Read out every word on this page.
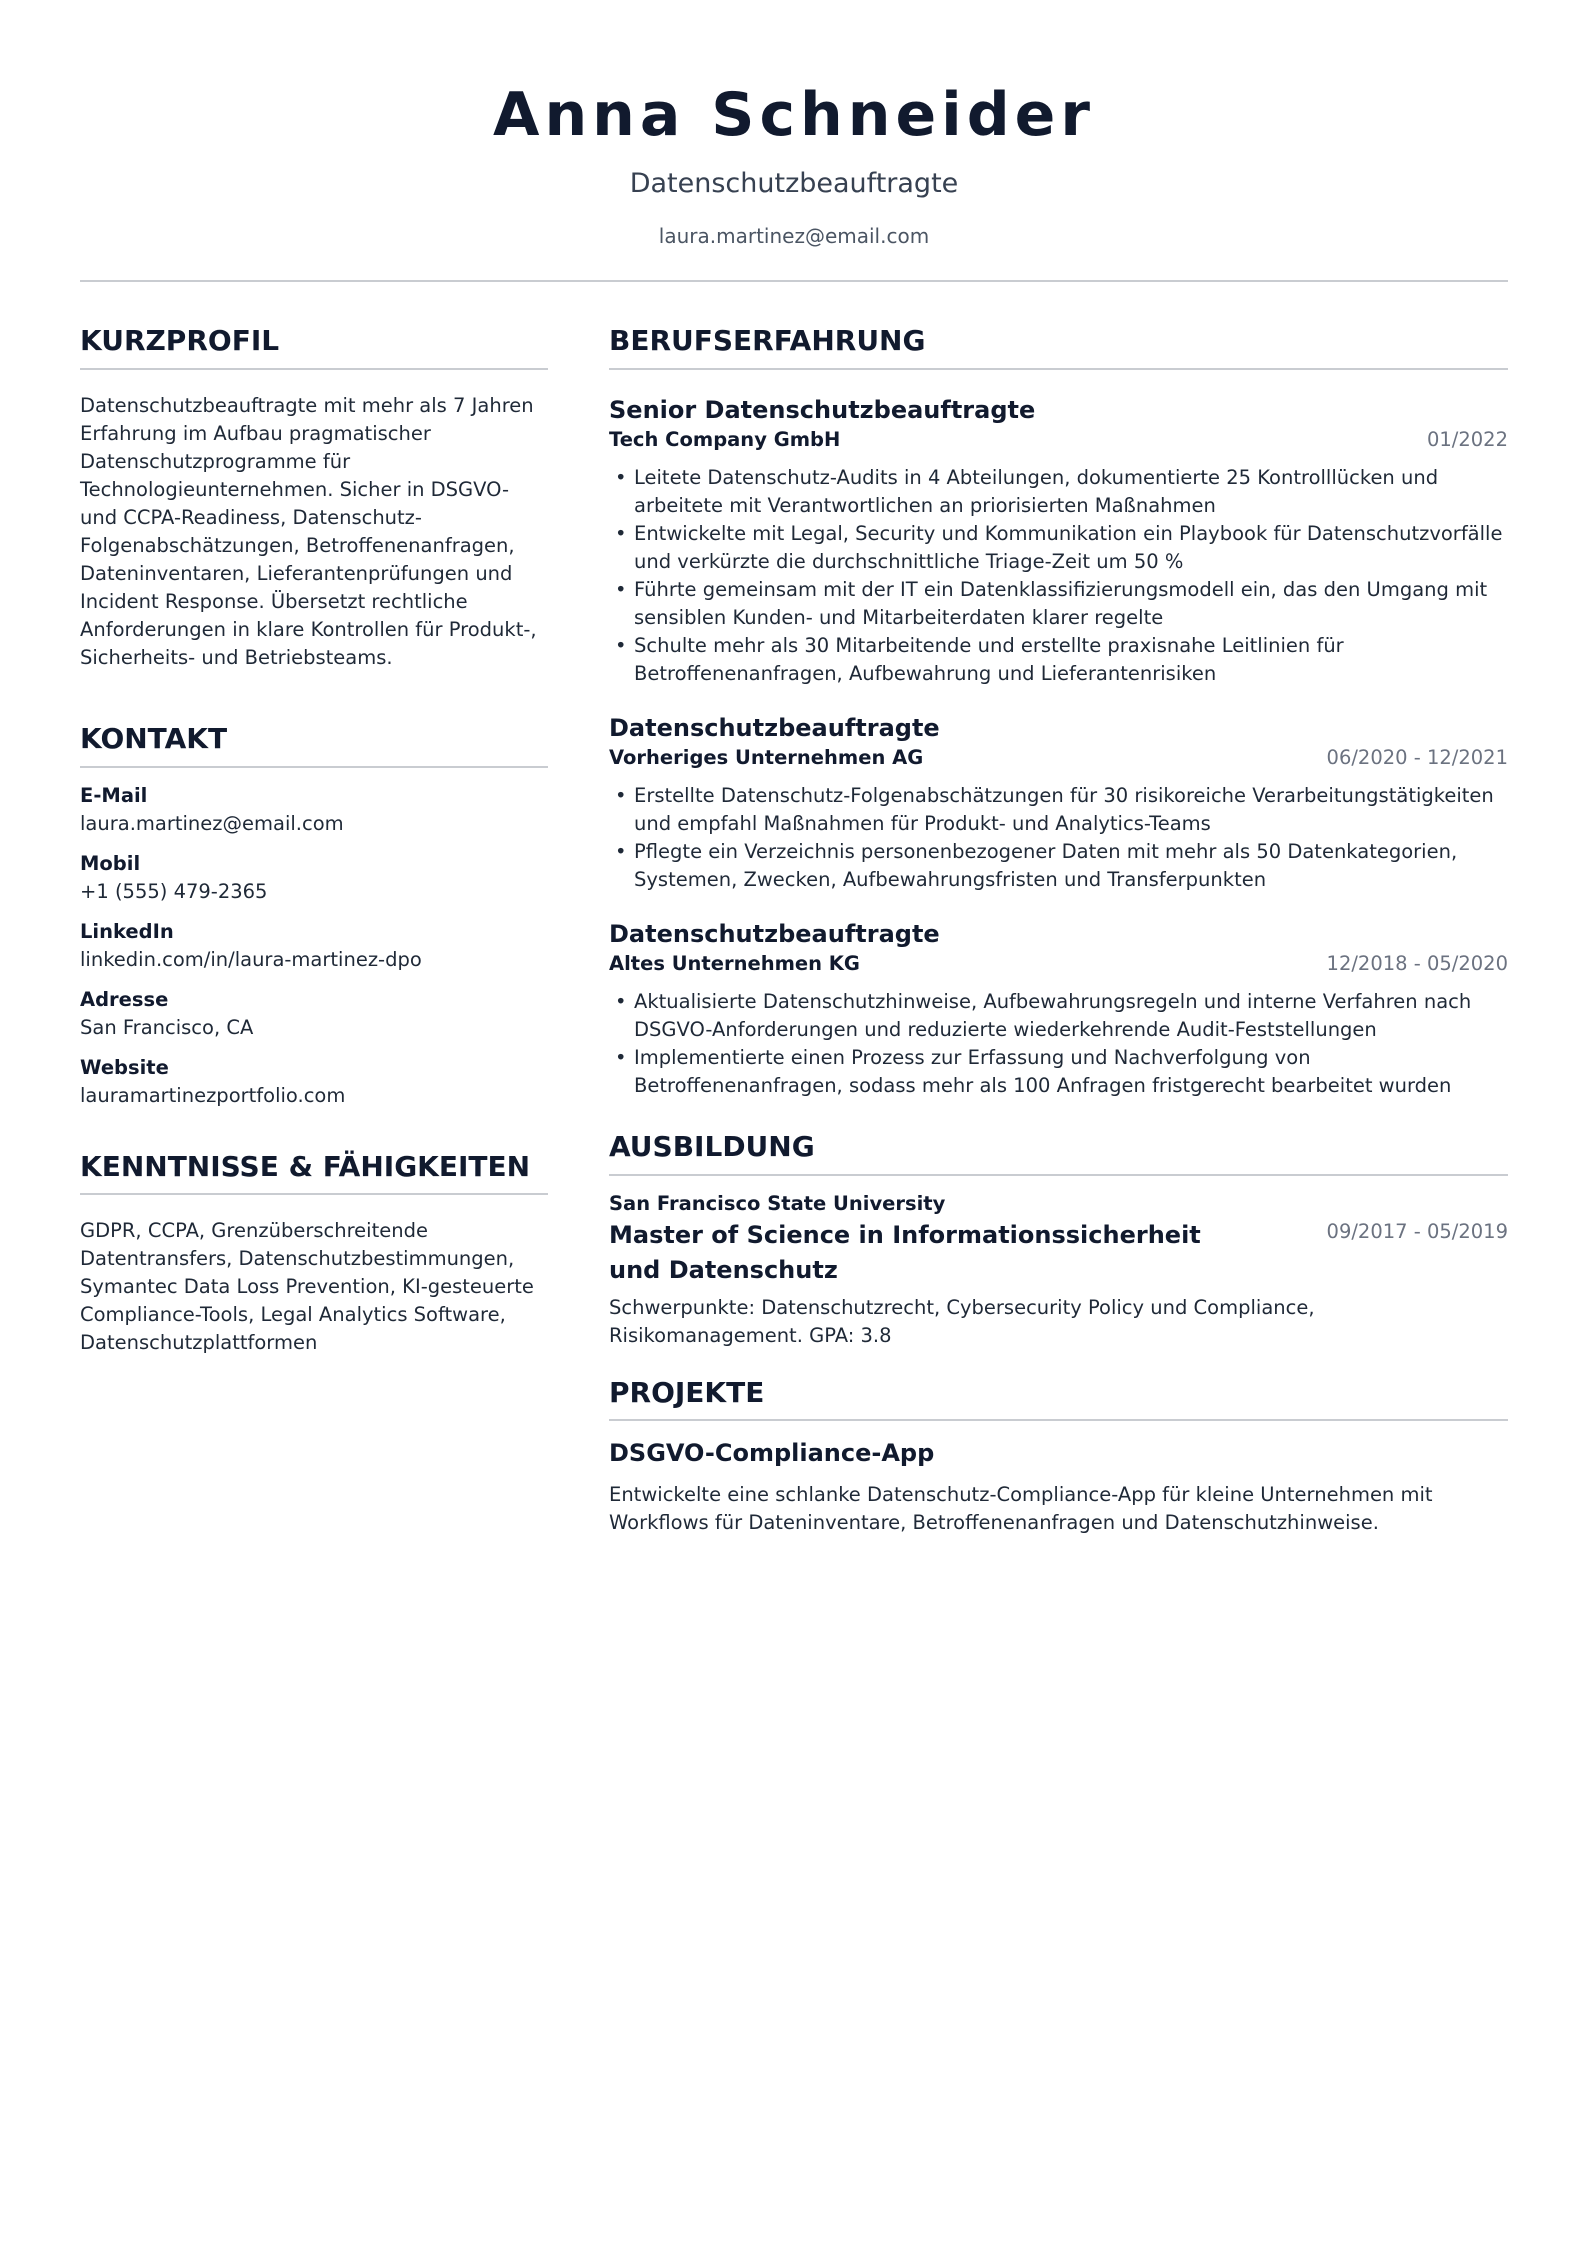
Anna Schneider
Datenschutzbeauftragte
laura.martinez@email.com
KURZPROFIL

Datenschutzbeauftragte mit mehr als 7 Jahren Erfahrung im Aufbau pragmatischer Datenschutzprogramme für Technologieunternehmen. Sicher in DSGVO- und CCPA-Readiness, Datenschutz-Folgenabschätzungen, Betroffenenanfragen, Dateninventaren, Lieferantenprüfungen und Incident Response. Übersetzt rechtliche Anforderungen in klare Kontrollen für Produkt-, Sicherheits- und Betriebsteams.

KONTAKT
E-Mail
laura.martinez@email.com
Mobil
+1 (555) 479-2365
LinkedIn
linkedin.com/in/laura-martinez-dpo
Adresse
San Francisco, CA
Website
lauramartinezportfolio.com
KENNTNISSE & FÄHIGKEITEN

GDPR, CCPA, Grenzüberschreitende Datentransfers, Datenschutzbestimmungen, Symantec Data Loss Prevention, KI-gesteuerte Compliance-Tools, Legal Analytics Software, Datenschutzplattformen

BERUFSERFAHRUNG
Senior Datenschutzbeauftragte
Tech Company GmbH	01/2022
• Leitete Datenschutz-Audits in 4 Abteilungen, dokumentierte 25 Kontrolllücken und arbeitete mit Verantwortlichen an priorisierten Maßnahmen
• Entwickelte mit Legal, Security und Kommunikation ein Playbook für Datenschutzvorfälle und verkürzte die durchschnittliche Triage-Zeit um 50 %
• Führte gemeinsam mit der IT ein Datenklassifizierungsmodell ein, das den Umgang mit sensiblen Kunden- und Mitarbeiterdaten klarer regelte
• Schulte mehr als 30 Mitarbeitende und erstellte praxisnahe Leitlinien für Betroffenenanfragen, Aufbewahrung und Lieferantenrisiken
Datenschutzbeauftragte
Vorheriges Unternehmen AG	06/2020 - 12/2021
• Erstellte Datenschutz-Folgenabschätzungen für 30 risikoreiche Verarbeitungstätigkeiten und empfahl Maßnahmen für Produkt- und Analytics-Teams
• Pflegte ein Verzeichnis personenbezogener Daten mit mehr als 50 Datenkategorien, Systemen, Zwecken, Aufbewahrungsfristen und Transferpunkten
Datenschutzbeauftragte
Altes Unternehmen KG	12/2018 - 05/2020
• Aktualisierte Datenschutzhinweise, Aufbewahrungsregeln und interne Verfahren nach DSGVO-Anforderungen und reduzierte wiederkehrende Audit-Feststellungen
• Implementierte einen Prozess zur Erfassung und Nachverfolgung von Betroffenenanfragen, sodass mehr als 100 Anfragen fristgerecht bearbeitet wurden
AUSBILDUNG
San Francisco State University
Master of Science in Informationssicherheit und Datenschutz
09/2017 - 05/2019

Schwerpunkte: Datenschutzrecht, Cybersecurity Policy und Compliance, Risikomanagement. GPA: 3.8

PROJEKTE
DSGVO-Compliance-App

Entwickelte eine schlanke Datenschutz-Compliance-App für kleine Unternehmen mit Workflows für Dateninventare, Betroffenenanfragen und Datenschutzhinweise.
